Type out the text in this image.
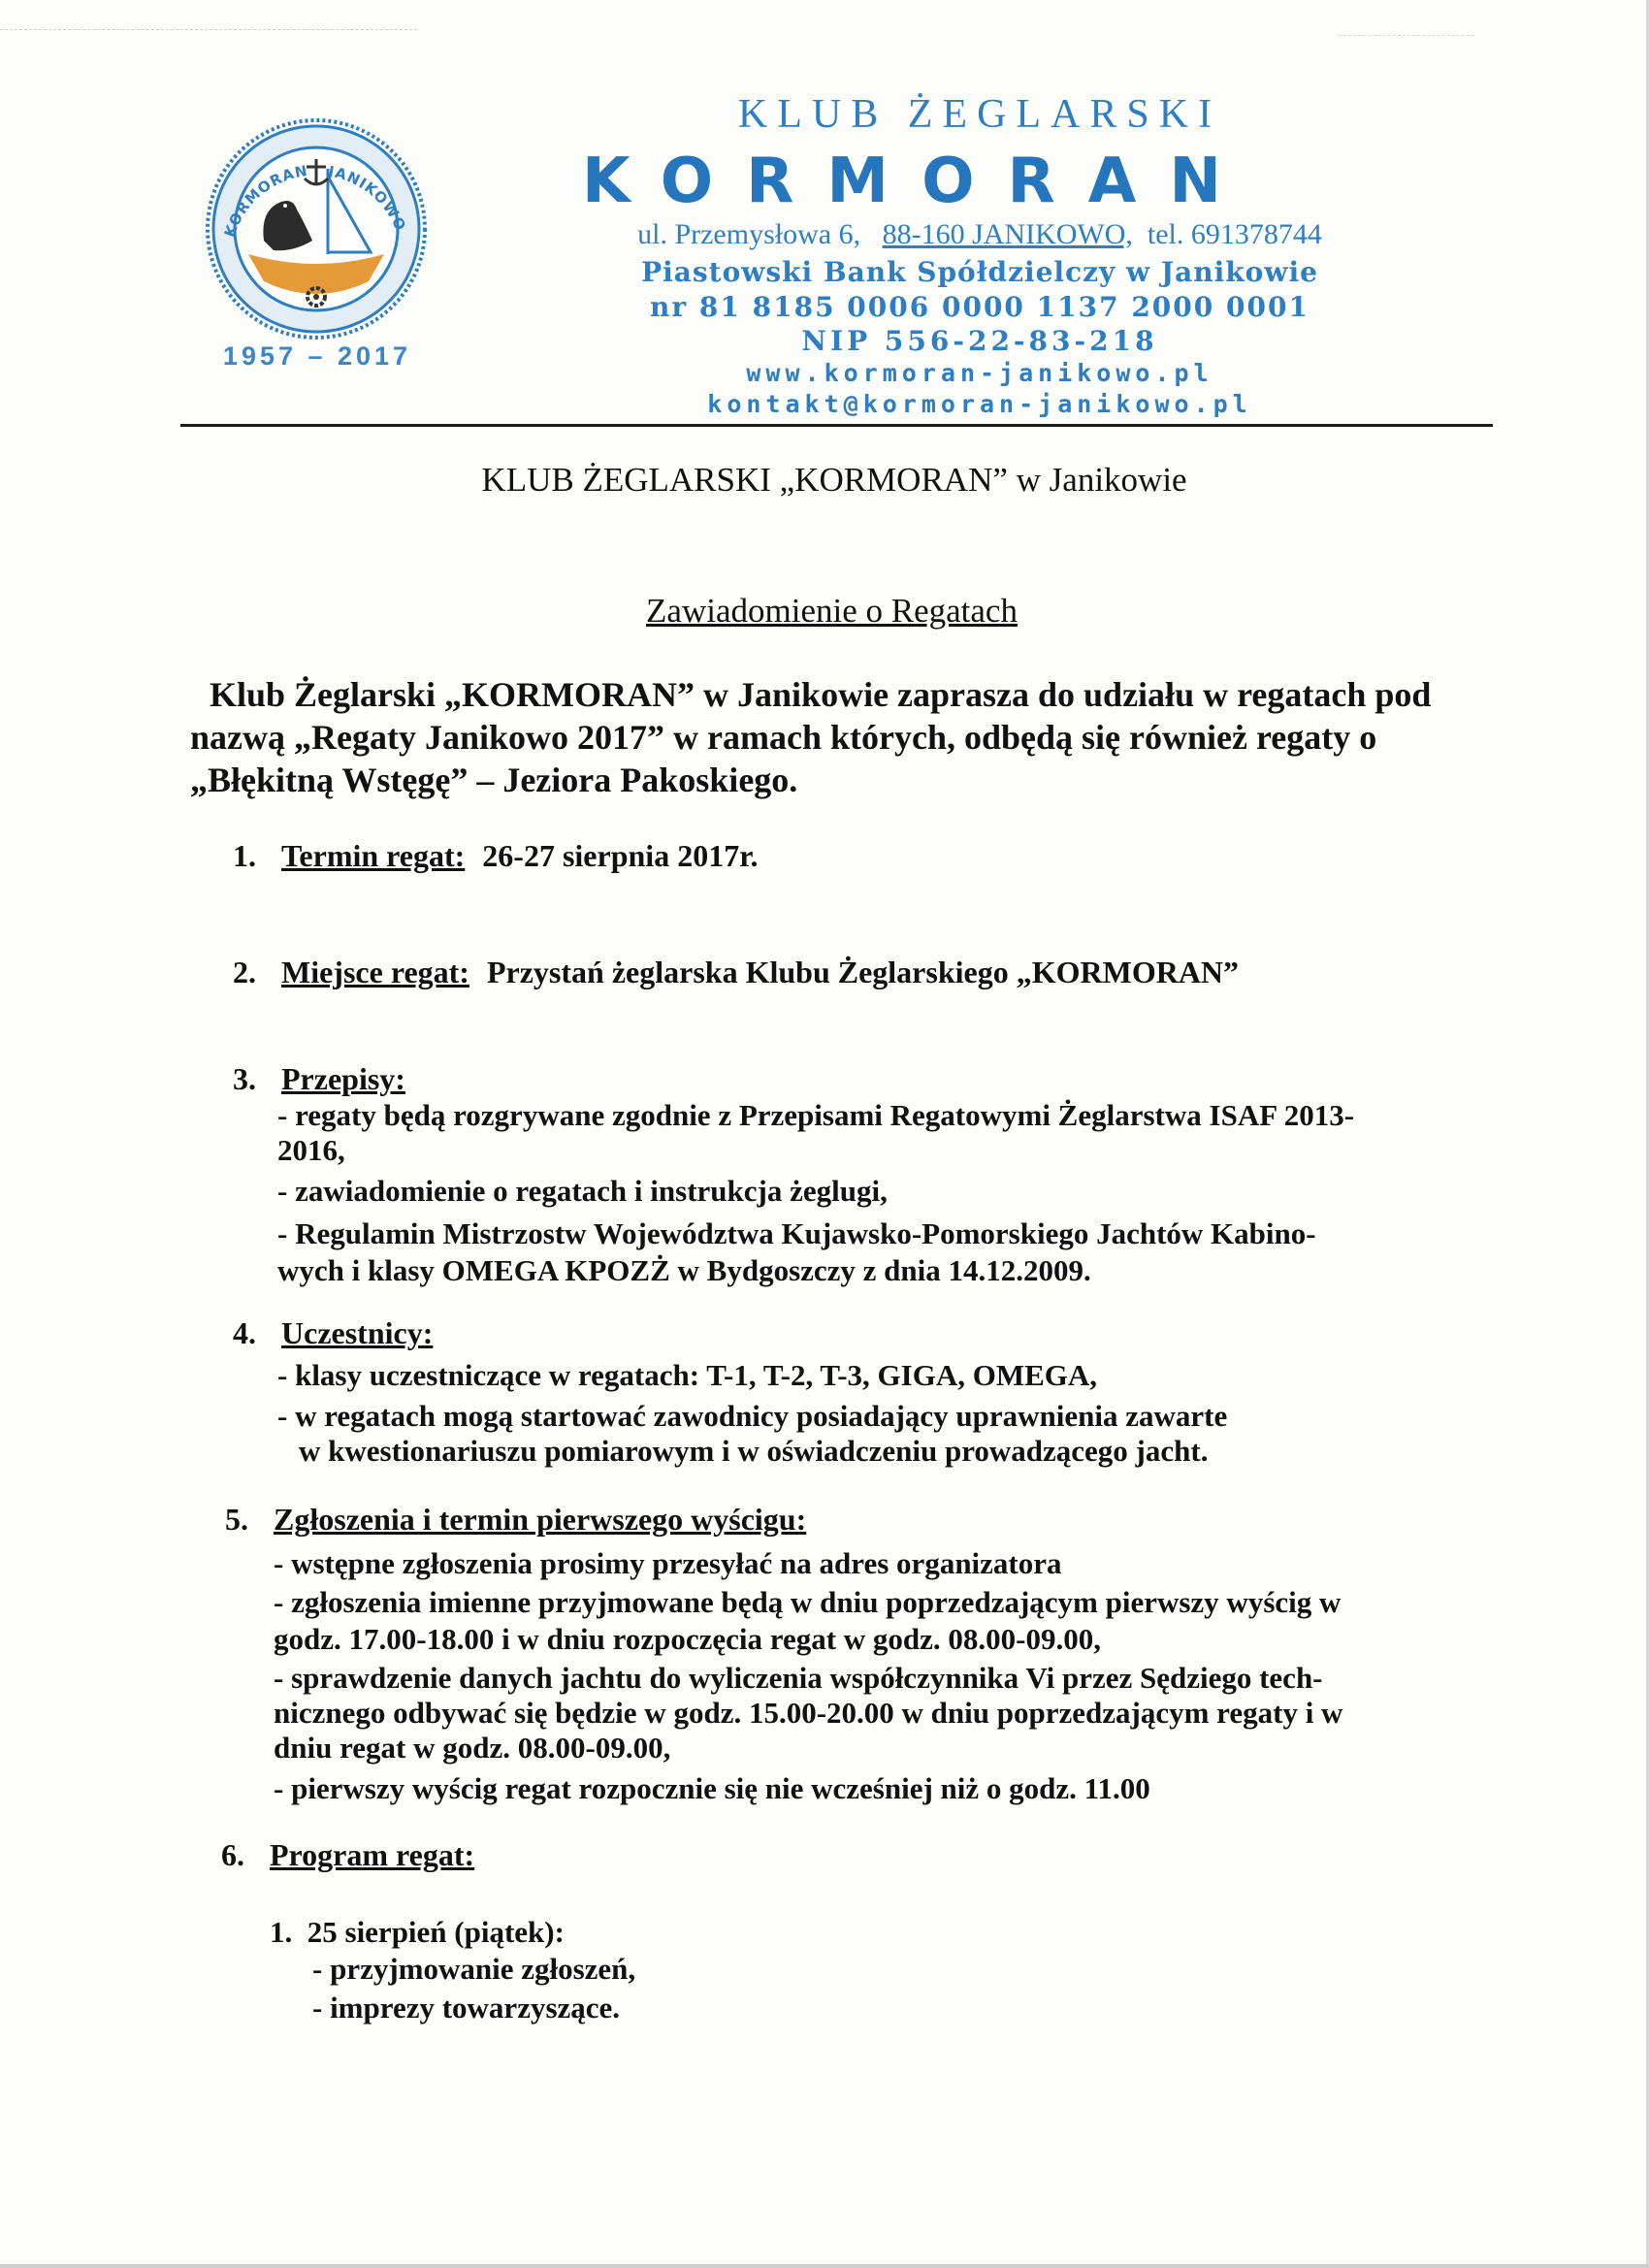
KORMORAN JANIKOWO
1957 – 2017
KLUB ŻEGLARSKI
KORMORAN
ul. Przemysłowa 6, 88-160 JANIKOWO, tel. 691378744
Piastowski Bank Spółdzielczy w Janikowie
nr 81 8185 0006 0000 1137 2000 0001
NIP 556-22-83-218
www.kormoran-janikowo.pl
kontakt@kormoran-janikowo.pl
KLUB ŻEGLARSKI „KORMORAN” w Janikowie
Zawiadomienie o Regatach
Klub Żeglarski „KORMORAN” w Janikowie zaprasza do udziału w regatach pod nazwą „Regaty Janikowo 2017” w ramach których, odbędą się również regaty o „Błękitną Wstęgę” – Jeziora Pakoskiego.
1. Termin regat: 26-27 sierpnia 2017r.
2. Miejsce regat: Przystań żeglarska Klubu Żeglarskiego „KORMORAN”
3. Przepisy:
- regaty będą rozgrywane zgodnie z Przepisami Regatowymi Żeglarstwa ISAF 2013-
2016,
- zawiadomienie o regatach i instrukcja żeglugi,
- Regulamin Mistrzostw Województwa Kujawsko-Pomorskiego Jachtów Kabino-
wych i klasy OMEGA KPOZŻ w Bydgoszczy z dnia 14.12.2009.
4. Uczestnicy:
- klasy uczestniczące w regatach: T-1, T-2, T-3, GIGA, OMEGA,
- w regatach mogą startować zawodnicy posiadający uprawnienia zawarte
w kwestionariuszu pomiarowym i w oświadczeniu prowadzącego jacht.
5. Zgłoszenia i termin pierwszego wyścigu:
- wstępne zgłoszenia prosimy przesyłać na adres organizatora
- zgłoszenia imienne przyjmowane będą w dniu poprzedzającym pierwszy wyścig w
godz. 17.00-18.00 i w dniu rozpoczęcia regat w godz. 08.00-09.00,
- sprawdzenie danych jachtu do wyliczenia współczynnika Vi przez Sędziego tech-
nicznego odbywać się będzie w godz. 15.00-20.00 w dniu poprzedzającym regaty i w
dniu regat w godz. 08.00-09.00,
- pierwszy wyścig regat rozpocznie się nie wcześniej niż o godz. 11.00
6. Program regat:
1. 25 sierpień (piątek):
- przyjmowanie zgłoszeń,
- imprezy towarzyszące.
